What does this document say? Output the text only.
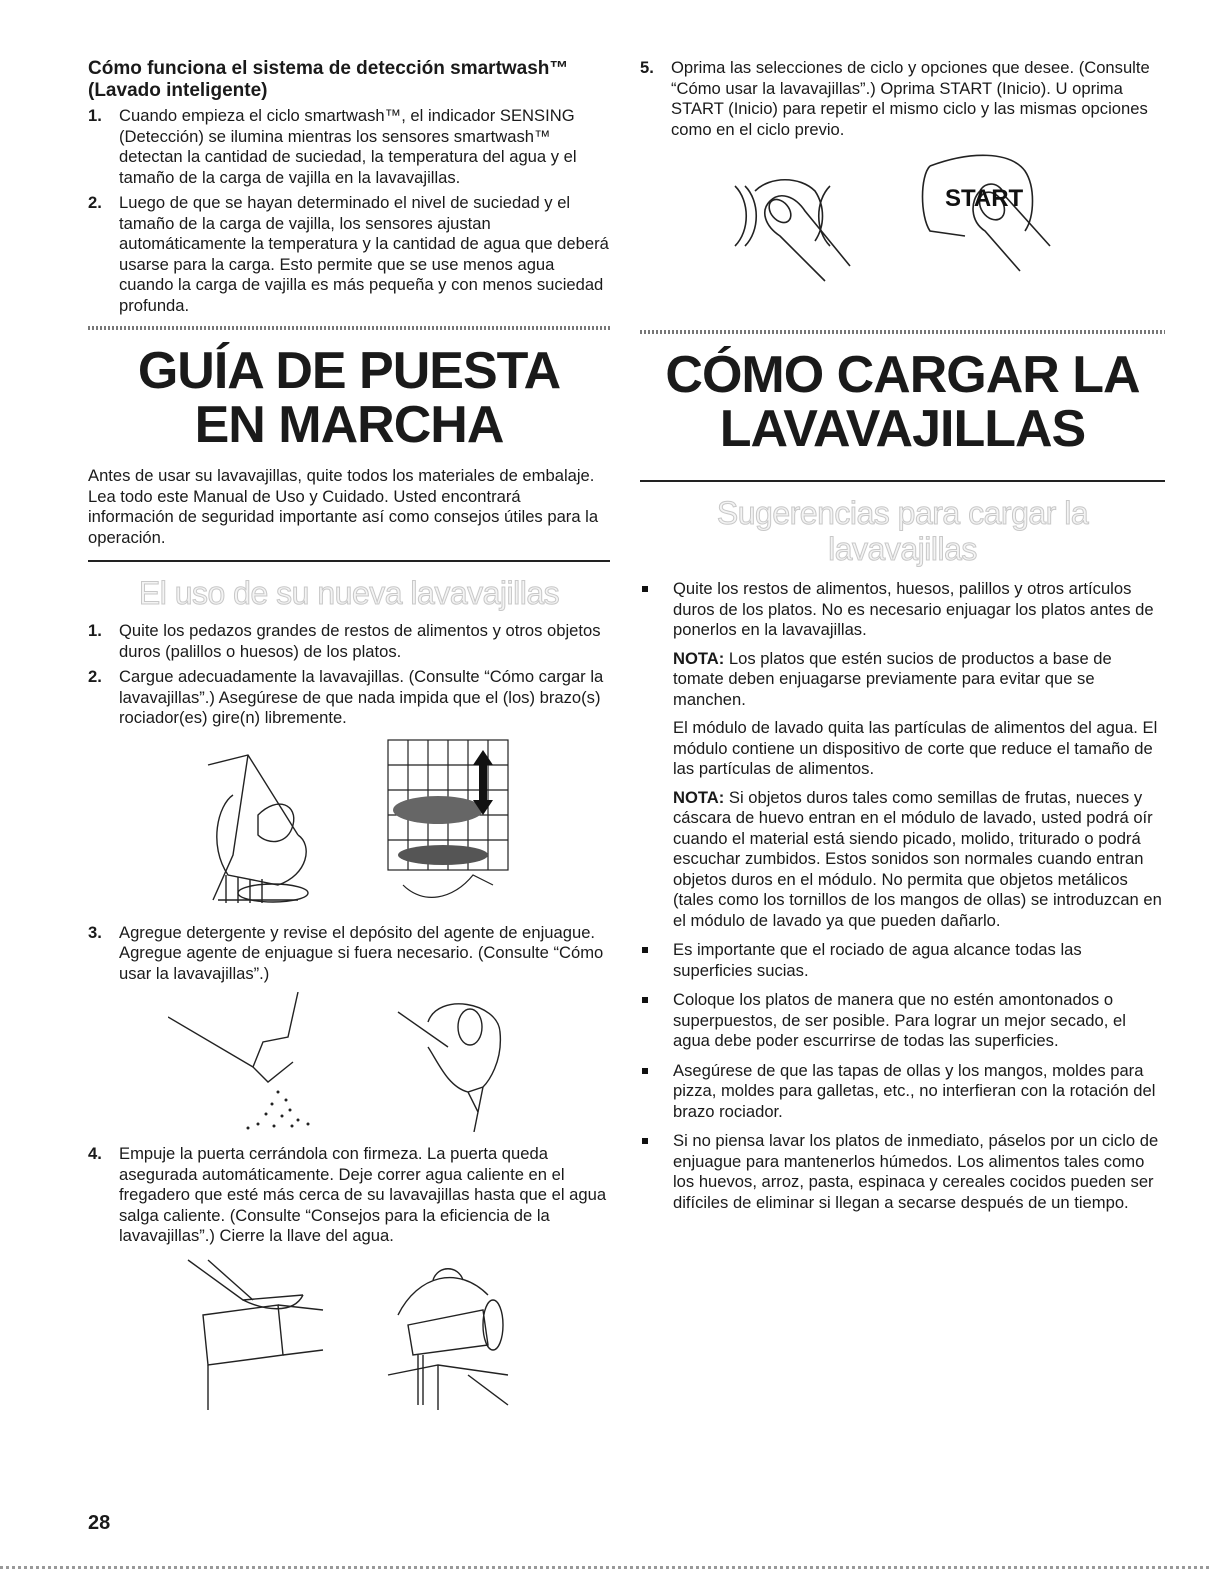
Cómo funciona el sistema de detección smartwash™ (Lavado inteligente)

1. Cuando empieza el ciclo smartwash™, el indicador SENSING (Detección) se ilumina mientras los sensores smartwash™ detectan la cantidad de suciedad, la temperatura del agua y el tamaño de la carga de vajilla en la lavavajillas.
2. Luego de que se hayan determinado el nivel de suciedad y el tamaño de la carga de vajilla, los sensores ajustan automáticamente la temperatura y la cantidad de agua que deberá usarse para la carga. Esto permite que se use menos agua cuando la carga de vajilla es más pequeña y con menos suciedad profunda.

GUÍA DE PUESTA

EN MARCHA

Antes de usar su lavavajillas, quite todos los materiales de embalaje. Lea todo este Manual de Uso y Cuidado. Usted encontrará información de seguridad importante así como consejos útiles para la operación.

El uso de su nueva lavavajillas

1. Quite los pedazos grandes de restos de alimentos y otros objetos duros (palillos o huesos) de los platos.
2. Cargue adecuadamente la lavavajillas. (Consulte “Cómo cargar la lavavajillas”.) Asegúrese de que nada impida que el (los) brazo(s) rociador(es) gire(n) libremente.
3. Agregue detergente y revise el depósito del agente de enjuague. Agregue agente de enjuague si fuera necesario. (Consulte “Cómo usar la lavavajillas”.)
4. Empuje la puerta cerrándola con firmeza. La puerta queda asegurada automáticamente. Deje correr agua caliente en el fregadero que esté más cerca de su lavavajillas hasta que el agua salga caliente. (Consulte “Consejos para la eficiencia de la lavavajillas”.) Cierre la llave del agua.
5. Oprima las selecciones de ciclo y opciones que desee. (Consulte “Cómo usar la lavavajillas”.) Oprima START (Inicio). U oprima START (Inicio) para repetir el mismo ciclo y las mismas opciones como en el ciclo previo.
START

CÓMO CARGAR LA

LAVAVAJILLAS

Sugerencias para cargar la lavavajillas

Quite los restos de alimentos, huesos, palillos y otros artículos duros de los platos. No es necesario enjuagar los platos antes de ponerlos en la lavavajillas.

NOTA: Los platos que estén sucios de productos a base de tomate deben enjuagarse previamente para evitar que se manchen.

El módulo de lavado quita las partículas de alimentos del agua. El módulo contiene un dispositivo de corte que reduce el tamaño de las partículas de alimentos.

NOTA: Si objetos duros tales como semillas de frutas, nueces y cáscara de huevo entran en el módulo de lavado, usted podrá oír cuando el material está siendo picado, molido, triturado o podrá escuchar zumbidos. Estos sonidos son normales cuando entran objetos duros en el módulo. No permita que objetos metálicos (tales como los tornillos de los mangos de ollas) se introduzcan en el módulo de lavado ya que pueden dañarlo.

Es importante que el rociado de agua alcance todas las superficies sucias.
Coloque los platos de manera que no estén amontonados o superpuestos, de ser posible. Para lograr un mejor secado, el agua debe poder escurrirse de todas las superficies.
Asegúrese de que las tapas de ollas y los mangos, moldes para pizza, moldes para galletas, etc., no interfieran con la rotación del brazo rociador.
Si no piensa lavar los platos de inmediato, páselos por un ciclo de enjuague para mantenerlos húmedos. Los alimentos tales como los huevos, arroz, pasta, espinaca y cereales cocidos pueden ser difíciles de eliminar si llegan a secarse después de un tiempo.
28
